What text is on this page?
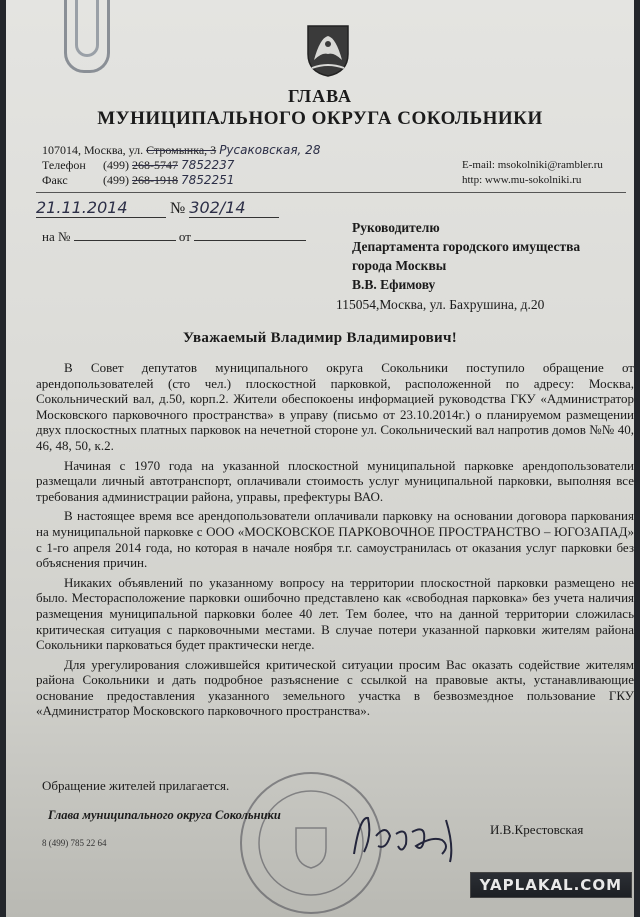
ГЛАВА
МУНИЦИПАЛЬНОГО ОКРУГА СОКОЛЬНИКИ
107014, Москва, ул. Стромынка, 3 Русаковская, 28
Телефон (499) 268-5747 7852237
Факс	(499) 268-1918 7852251
E-mail: msokolniki@rambler.ru
http: www.mu-sokolniki.ru
21.11.2014	№ 302/14
на №	от
Руководителю
Департамента городского имущества
города Москвы
В.В. Ефимову
115054,Москва, ул. Бахрушина, д.20
Уважаемый Владимир Владимирович!

В Совет депутатов муниципального округа Сокольники поступило обращение от арендопользователей (сто чел.) плоскостной парковкой, расположенной по адресу: Москва, Сокольнический вал, д.50, корп.2. Жители обеспокоены информацией руководства ГКУ «Администратор Московского парковочного пространства» в управу (письмо от 23.10.2014г.) о планируемом размещении двух плоскостных платных парковок на нечетной стороне ул. Сокольнический вал напротив домов №№ 40, 46, 48, 50, к.2.

Начиная с 1970 года на указанной плоскостной муниципальной парковке арендопользователи размещали личный автотранспорт, оплачивали стоимость услуг муниципальной парковки, выполняя все требования администрации района, управы, префектуры ВАО.

В настоящее время все арендопользователи оплачивали парковку на основании договора паркования на муниципальной парковке с ООО «МОСКОВСКОЕ ПАРКОВОЧНОЕ ПРОСТРАНСТВО – ЮГОЗАПАД» с 1-го апреля 2014 года, но которая в начале ноября т.г. самоустранилась от оказания услуг парковки без объяснения причин.

Никаких объявлений по указанному вопросу на территории плоскостной парковки размещено не было. Месторасположение парковки ошибочно представлено как «свободная парковка» без учета наличия размещения муниципальной парковки более 40 лет. Тем более, что на данной территории сложилась критическая ситуация с парковочными местами. В случае потери указанной парковки жителям района Сокольники парковаться будет практически негде.

Для урегулирования сложившейся критической ситуации просим Вас оказать содействие жителям района Сокольники и дать подробное разъяснение с ссылкой на правовые акты, устанавливающие основание предоставления указанного земельного участка в безвозмездное пользование ГКУ «Администратор Московского парковочного пространства».

Обращение жителей прилагается.
Глава муниципального округа Сокольники
И.В.Крестовская
8 (499) 785 22 64
YAPLAKAL.COM
